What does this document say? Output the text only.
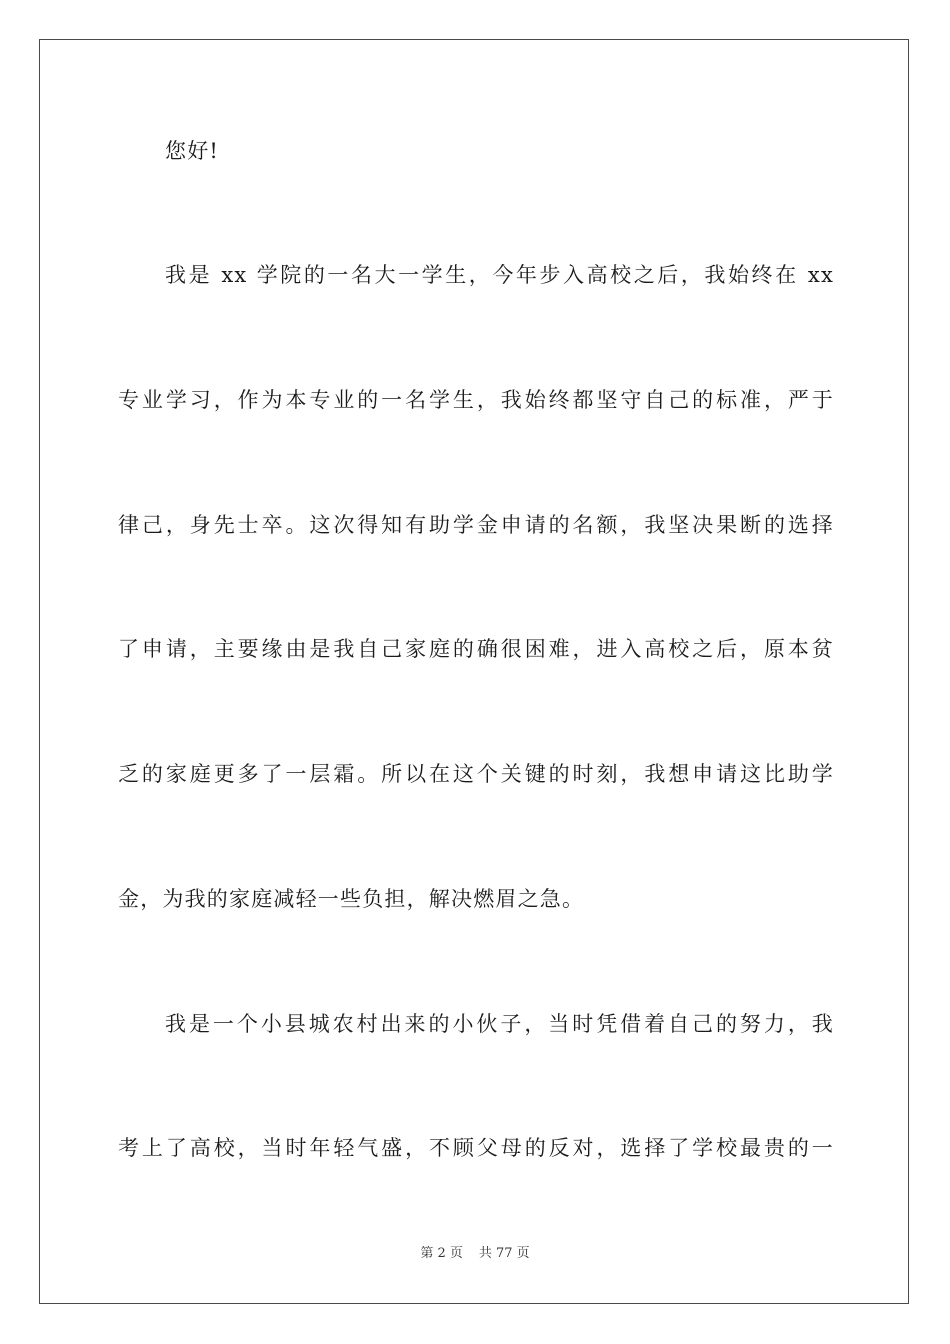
您好!

我是 xx 学院的一名大一学生，今年步入高校之后，我始终在 xx

专业学习，作为本专业的一名学生，我始终都坚守自己的标准，严于

律己，身先士卒。这次得知有助学金申请的名额，我坚决果断的选择

了申请，主要缘由是我自己家庭的确很困难，进入高校之后，原本贫

乏的家庭更多了一层霜。所以在这个关键的时刻，我想申请这比助学

金，为我的家庭减轻一些负担，解决燃眉之急。

我是一个小县城农村出来的小伙子，当时凭借着自己的努力，我

考上了高校，当时年轻气盛，不顾父母的反对，选择了学校最贵的一

第 2 页 共 77 页
